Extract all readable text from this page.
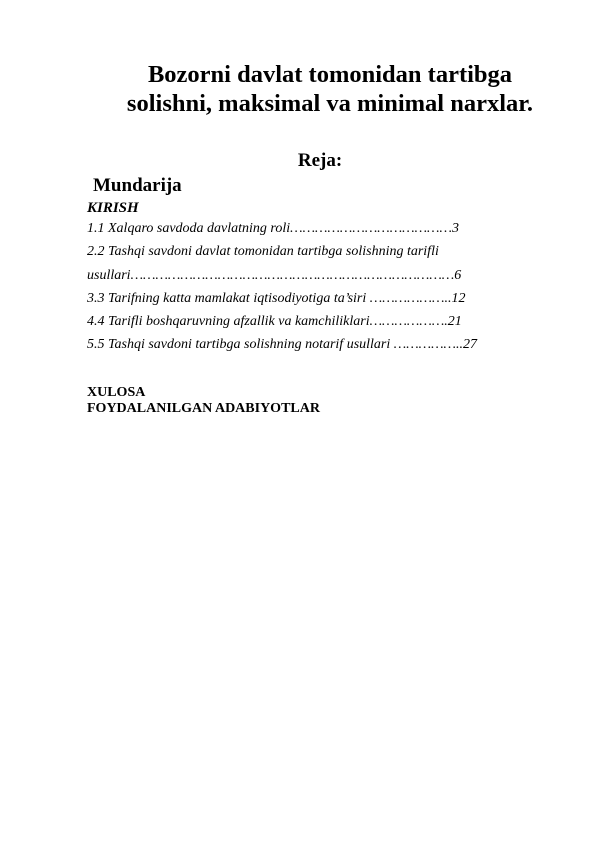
Bozorni davlat tomonidan tartibga
solishni, maksimal va minimal narxlar.
Reja:
Mundarija
KIRISH
1.1 Xalqaro savdoda davlatning roli…………………………………3
2.2 Tashqi savdoni davlat tomonidan tartibga solishning tarifli
usullari……………………………………………………………………6
3.3 Tarifning katta mamlakat iqtisodiyotiga ta’siri ………………..12
4.4 Tarifli boshqaruvning afzallik va kamchiliklari……………….21
5.5 Tashqi savdoni tartibga solishning notarif usullari ……………..27
XULOSA
FOYDALANILGAN ADABIYOTLAR
